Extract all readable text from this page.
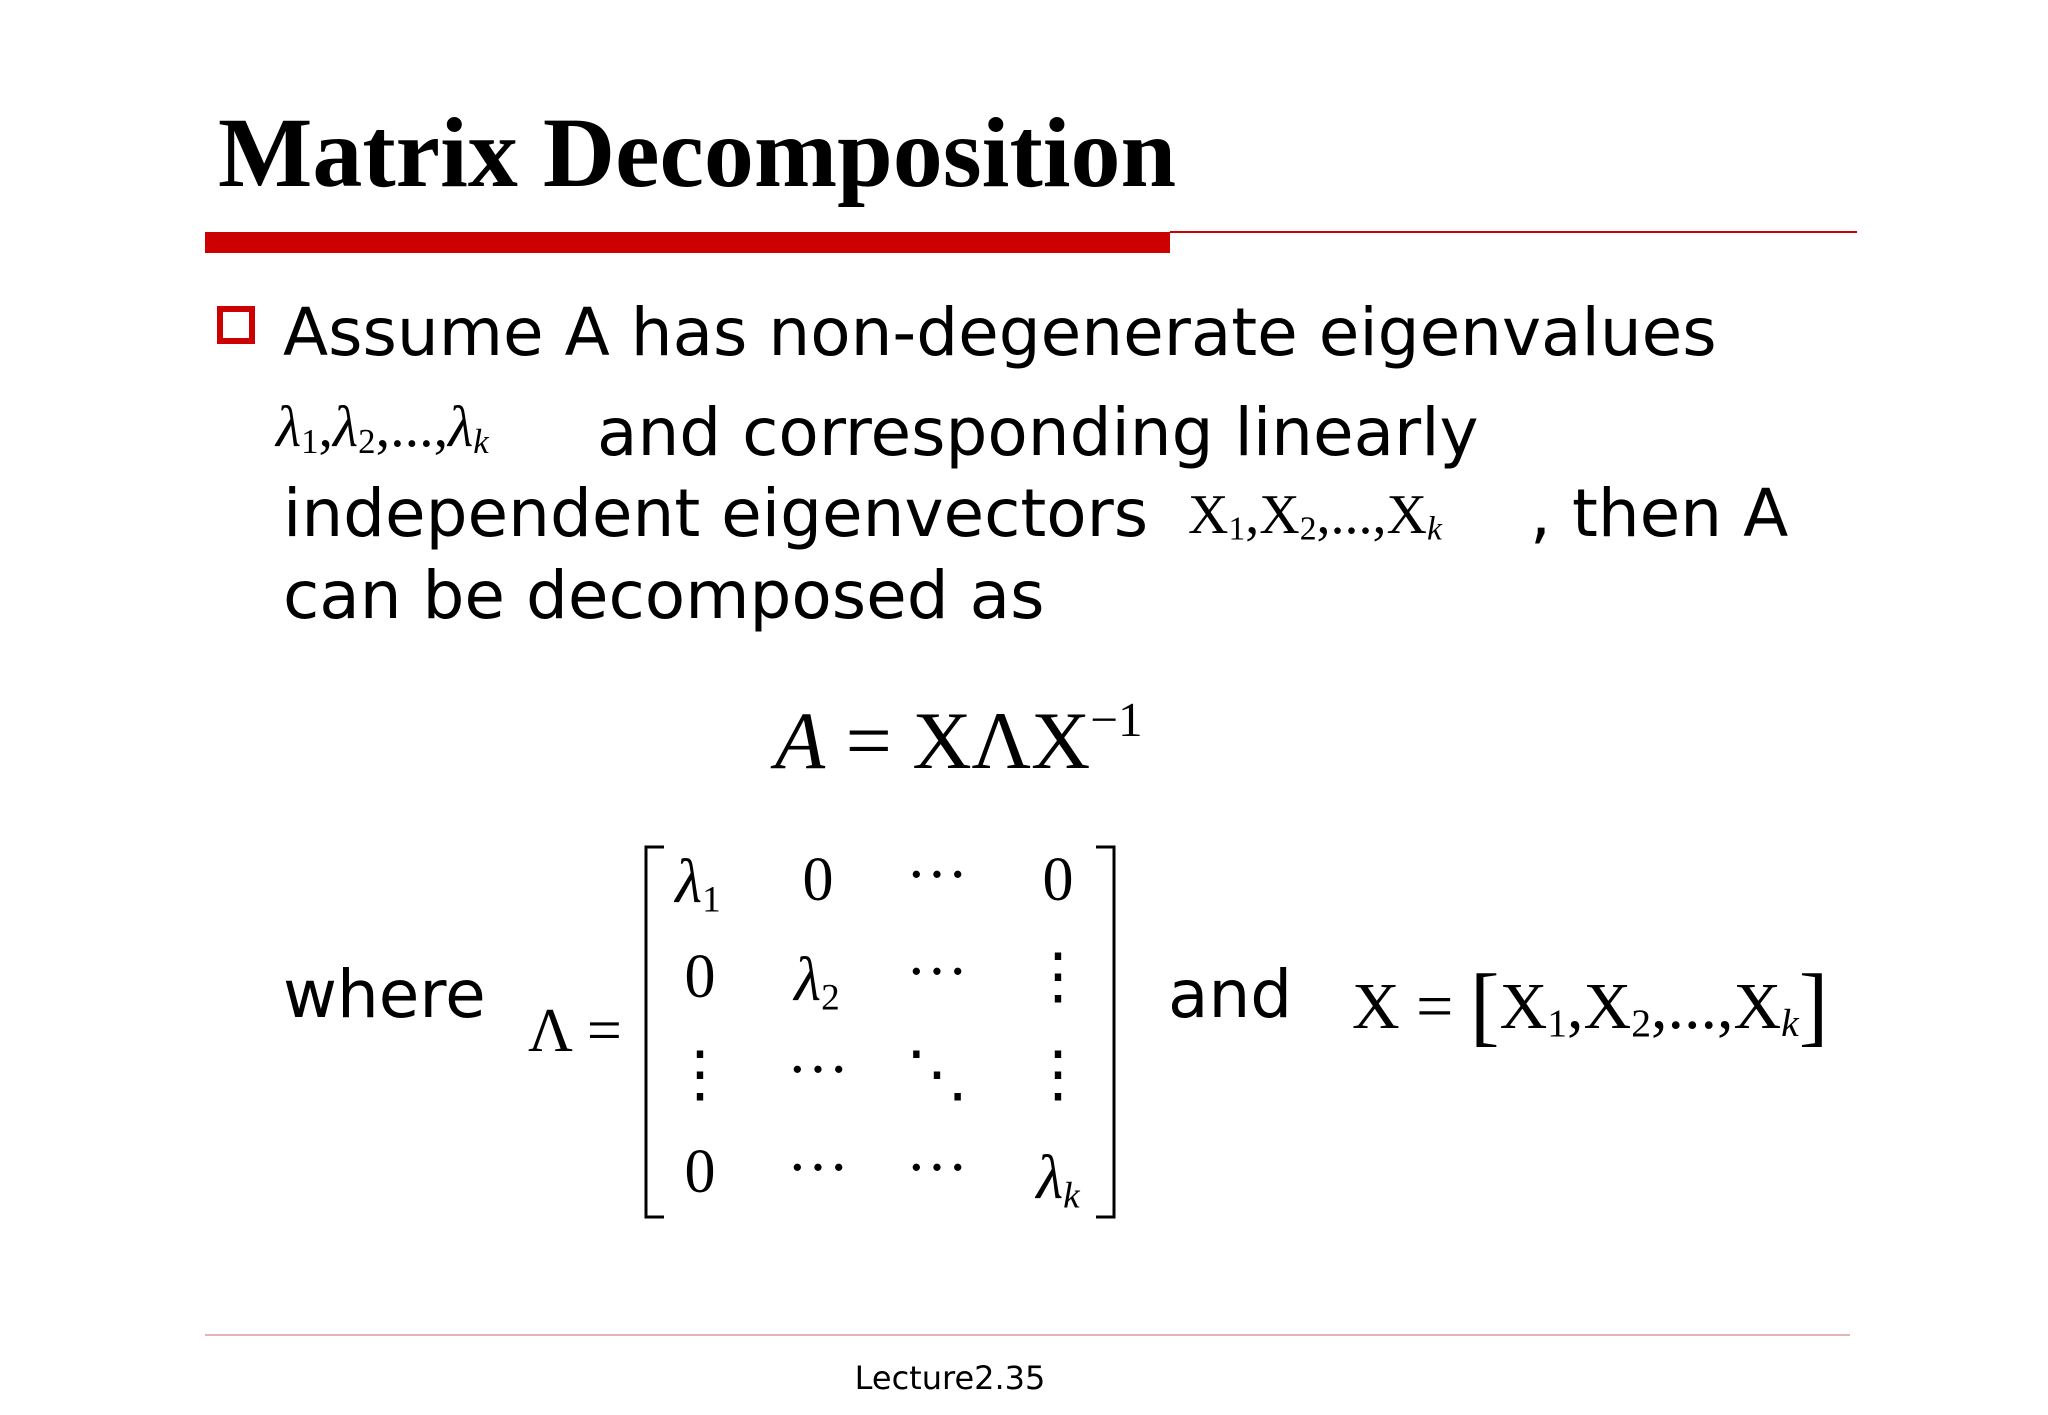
Matrix Decomposition
Assume A has non-degenerate eigenvalues
$\lambda_1,\lambda_2,...,\lambda_k$ and corresponding linearly
independent eigenvectors $X_1,X_2,...,X_k$ , then A
can be decomposed as
$A = X\Lambda X^{-1}$
where Λ =
$\lambda_1$ 0 ··· 0
0 $\lambda_2$ ··· ⋮
⋮ ··· ⋱ ⋮
0 ··· ··· $\lambda_k$
and $X = [X_1,X_2,...,X_k]$
Lecture2.35
